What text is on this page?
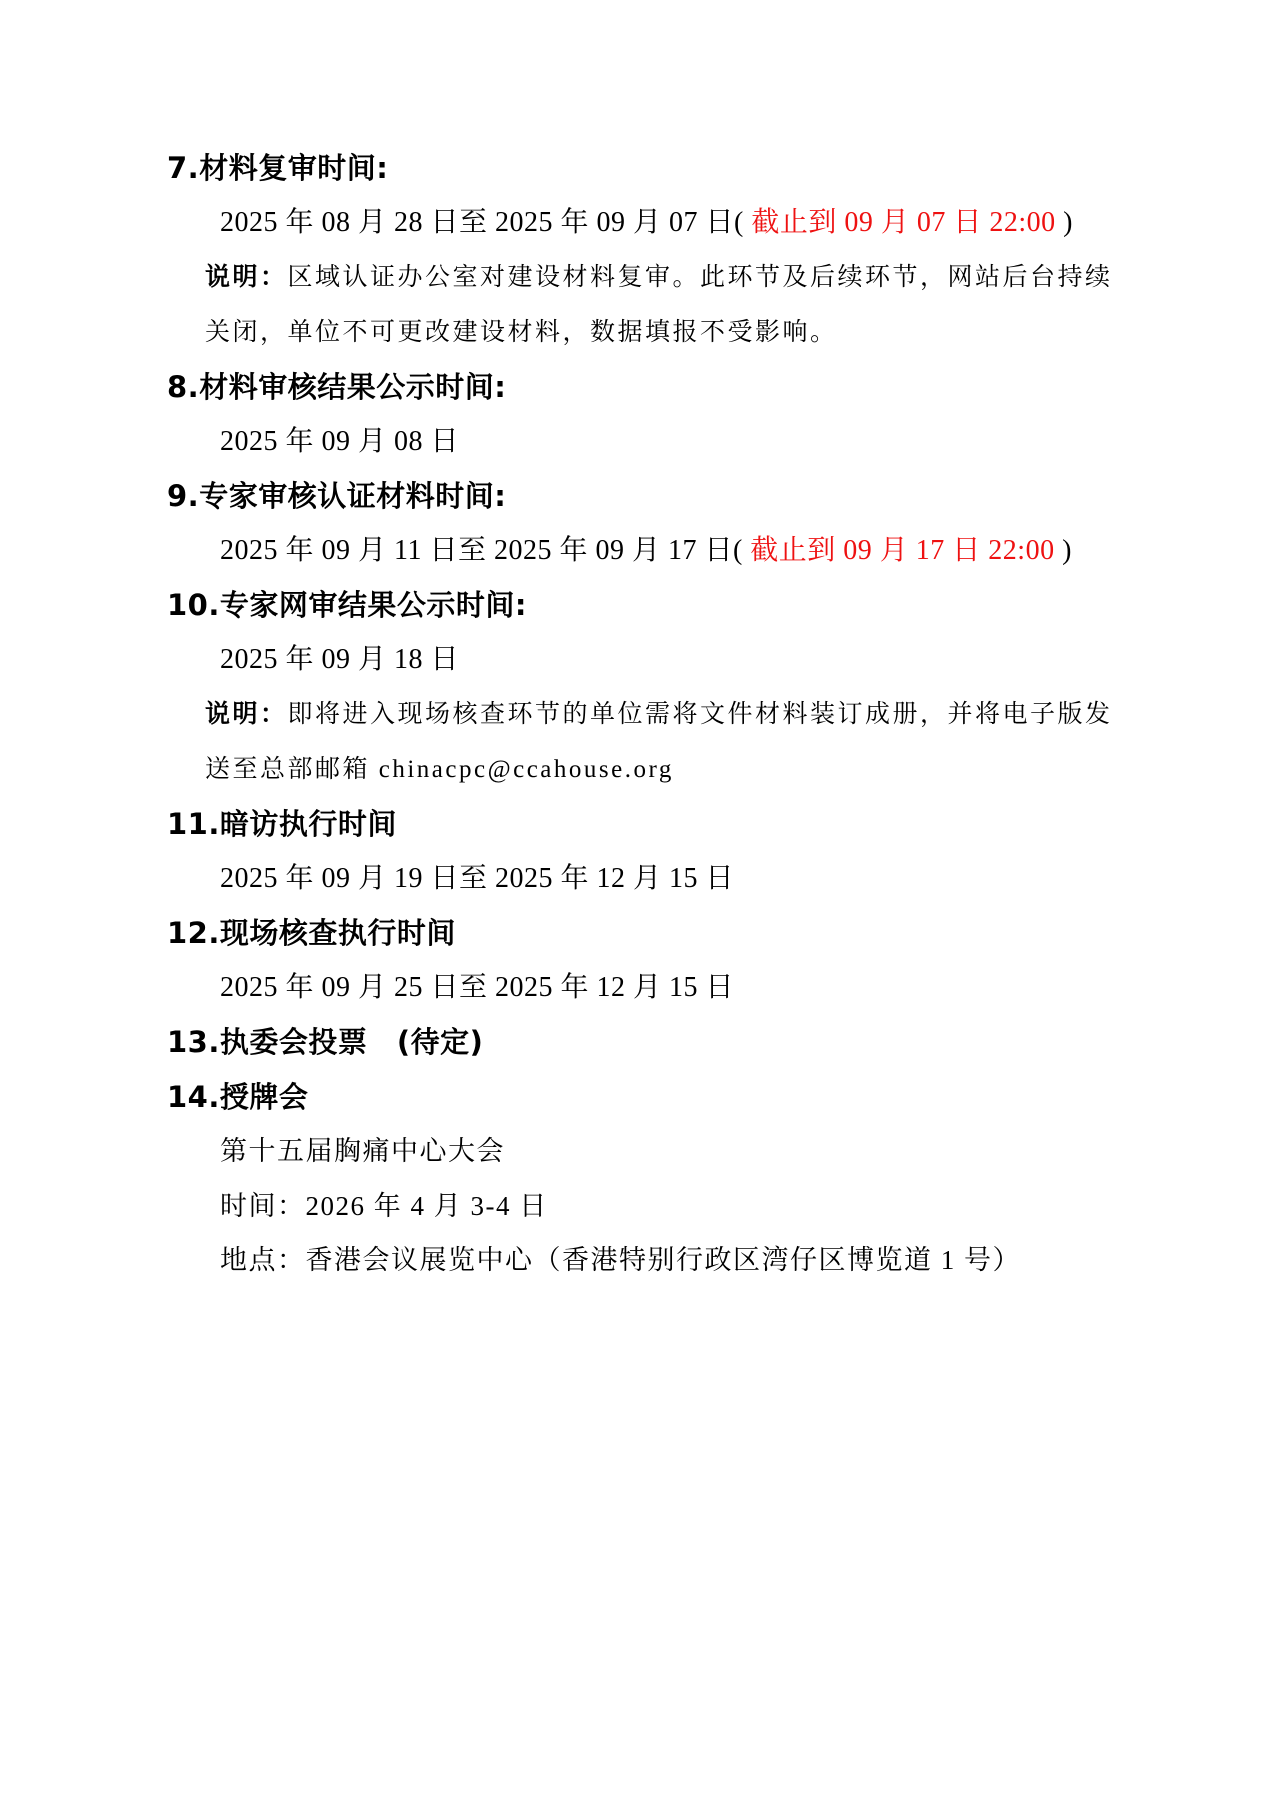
7.材料复审时间:
2025 年 08 月 28 日至 2025 年 09 月 07 日( 截止到 09 月 07 日 22:00 )
说明：区域认证办公室对建设材料复审。此环节及后续环节，网站后台持续
关闭，单位不可更改建设材料，数据填报不受影响。
8.材料审核结果公示时间:
2025 年 09 月 08 日
9.专家审核认证材料时间:
2025 年 09 月 11 日至 2025 年 09 月 17 日( 截止到 09 月 17 日 22:00 )
10.专家网审结果公示时间:
2025 年 09 月 18 日
说明：即将进入现场核查环节的单位需将文件材料装订成册，并将电子版发
送至总部邮箱 chinacpc@ccahouse.org
11.暗访执行时间
2025 年 09 月 19 日至 2025 年 12 月 15 日
12.现场核查执行时间
2025 年 09 月 25 日至 2025 年 12 月 15 日
13.执委会投票　(待定)
14.授牌会
第十五届胸痛中心大会
时间：2026 年 4 月 3-4 日
地点：香港会议展览中心（香港特别行政区湾仔区博览道 1 号）
